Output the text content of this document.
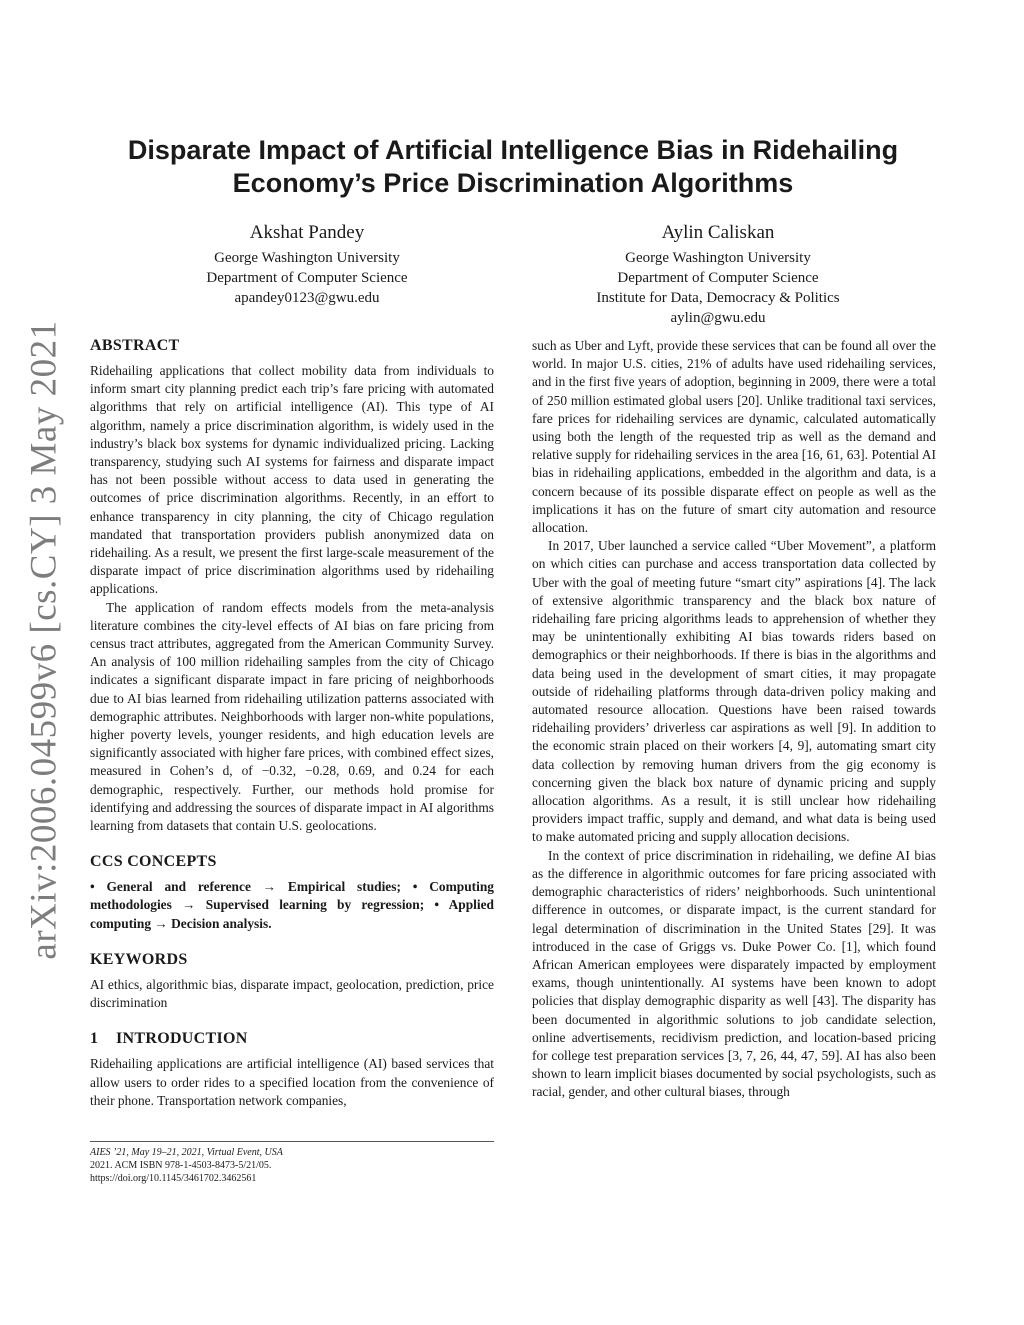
arXiv:2006.04599v6 [cs.CY] 3 May 2021
Disparate Impact of Artificial Intelligence Bias in Ridehailing
Economy’s Price Discrimination Algorithms
Akshat Pandey
George Washington University
Department of Computer Science
apandey0123@gwu.edu
Aylin Caliskan
George Washington University
Department of Computer Science
Institute for Data, Democracy & Politics
aylin@gwu.edu
ABSTRACT

Ridehailing applications that collect mobility data from individuals to inform smart city planning predict each trip’s fare pricing with automated algorithms that rely on artificial intelligence (AI). This type of AI algorithm, namely a price discrimination algorithm, is widely used in the industry’s black box systems for dynamic individualized pricing. Lacking transparency, studying such AI systems for fairness and disparate impact has not been possible without access to data used in generating the outcomes of price discrimination algorithms. Recently, in an effort to enhance transparency in city planning, the city of Chicago regulation mandated that transportation providers publish anonymized data on ridehailing. As a result, we present the first large-scale measurement of the disparate impact of price discrimination algorithms used by ridehailing applications.

The application of random effects models from the meta-analysis literature combines the city-level effects of AI bias on fare pricing from census tract attributes, aggregated from the American Community Survey. An analysis of 100 million ridehailing samples from the city of Chicago indicates a significant disparate impact in fare pricing of neighborhoods due to AI bias learned from ridehailing utilization patterns associated with demographic attributes. Neighborhoods with larger non-white populations, higher poverty levels, younger residents, and high education levels are significantly associated with higher fare prices, with combined effect sizes, measured in Cohen’s d, of −0.32, −0.28, 0.69, and 0.24 for each demographic, respectively. Further, our methods hold promise for identifying and addressing the sources of disparate impact in AI algorithms learning from datasets that contain U.S. geolocations.

CCS CONCEPTS

• General and reference → Empirical studies; • Computing methodologies → Supervised learning by regression; • Applied computing → Decision analysis.

KEYWORDS

AI ethics, algorithmic bias, disparate impact, geolocation, prediction, price discrimination

1 INTRODUCTION

Ridehailing applications are artificial intelligence (AI) based services that allow users to order rides to a specified location from the convenience of their phone. Transportation network companies,

AIES ’21, May 19–21, 2021, Virtual Event, USA
2021. ACM ISBN 978-1-4503-8473-5/21/05.
https://doi.org/10.1145/3461702.3462561

such as Uber and Lyft, provide these services that can be found all over the world. In major U.S. cities, 21% of adults have used ridehailing services, and in the first five years of adoption, beginning in 2009, there were a total of 250 million estimated global users [20]. Unlike traditional taxi services, fare prices for ridehailing services are dynamic, calculated automatically using both the length of the requested trip as well as the demand and relative supply for ridehailing services in the area [16, 61, 63]. Potential AI bias in ridehailing applications, embedded in the algorithm and data, is a concern because of its possible disparate effect on people as well as the implications it has on the future of smart city automation and resource allocation.

In 2017, Uber launched a service called “Uber Movement”, a platform on which cities can purchase and access transportation data collected by Uber with the goal of meeting future “smart city” aspirations [4]. The lack of extensive algorithmic transparency and the black box nature of ridehailing fare pricing algorithms leads to apprehension of whether they may be unintentionally exhibiting AI bias towards riders based on demographics or their neighborhoods. If there is bias in the algorithms and data being used in the development of smart cities, it may propagate outside of ridehailing platforms through data-driven policy making and automated resource allocation. Questions have been raised towards ridehailing providers’ driverless car aspirations as well [9]. In addition to the economic strain placed on their workers [4, 9], automating smart city data collection by removing human drivers from the gig economy is concerning given the black box nature of dynamic pricing and supply allocation algorithms. As a result, it is still unclear how ridehailing providers impact traffic, supply and demand, and what data is being used to make automated pricing and supply allocation decisions.

In the context of price discrimination in ridehailing, we define AI bias as the difference in algorithmic outcomes for fare pricing associated with demographic characteristics of riders’ neighborhoods. Such unintentional difference in outcomes, or disparate impact, is the current standard for legal determination of discrimination in the United States [29]. It was introduced in the case of Griggs vs. Duke Power Co. [1], which found African American employees were disparately impacted by employment exams, though unintentionally. AI systems have been known to adopt policies that display demographic disparity as well [43]. The disparity has been documented in algorithmic solutions to job candidate selection, online advertisements, recidivism prediction, and location-based pricing for college test preparation services [3, 7, 26, 44, 47, 59]. AI has also been shown to learn implicit biases documented by social psychologists, such as racial, gender, and other cultural biases, through
